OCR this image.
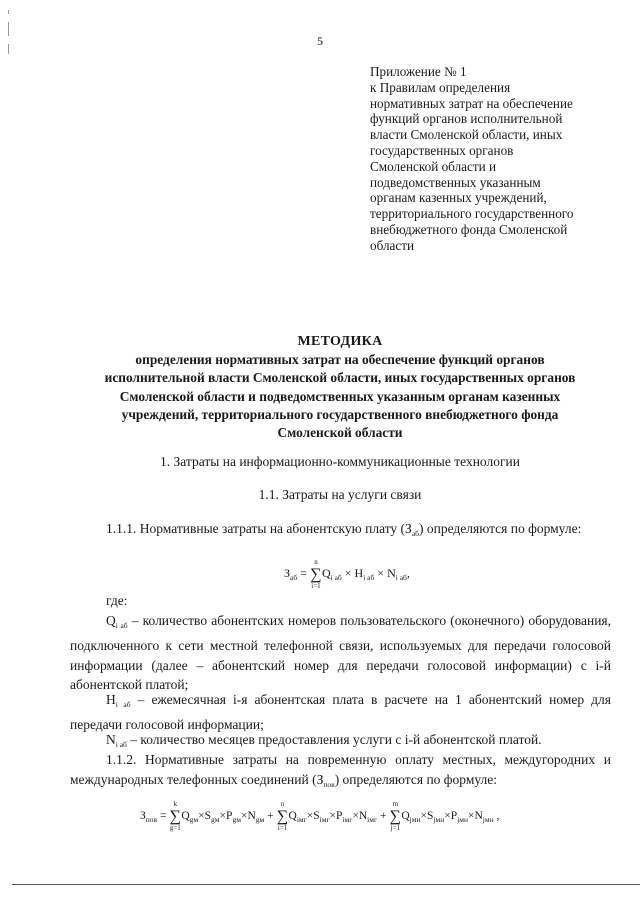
5
Приложение № 1
к Правилам определения
нормативных затрат на обеспечение
функций органов исполнительной
власти Смоленской области, иных
государственных органов
Смоленской области и
подведомственных указанным
органам казенных учреждений,
территориального государственного
внебюджетного фонда Смоленской
области
МЕТОДИКА
определения нормативных затрат на обеспечение функций органов
исполнительной власти Смоленской области, иных государственных органов
Смоленской области и подведомственных указанным органам казенных
учреждений, территориального государственного внебюджетного фонда
Смоленской области
1. Затраты на информационно-коммуникационные технологии
1.1. Затраты на услуги связи
1.1.1. Нормативные затраты на абонентскую плату $(З_{аб})$ определяются по формуле:
$З_{аб}$ =
n
∑
i=1
$Q_{i аб} \times H_{i аб} \times N_{i аб}$,
где:
$Q_{i аб}$ – количество абонентских номеров пользовательского (оконечного) оборудования, подключенного к сети местной телефонной связи, используемых для передачи голосовой информации (далее – абонентский номер для передачи голосовой информации) с i-й абонентской платой;
$H_{i аб}$ – ежемесячная i-я абонентская плата в расчете на 1 абонентский номер для передачи голосовой информации;
$N_{i аб}$ – количество месяцев предоставления услуги с i-й абонентской платой.
1.1.2. Нормативные затраты на повременную оплату местных, междугородних и международных телефонных соединений $(З_{пов})$ определяются по формуле:
$З_{пов}$ =
k
∑
g=1
$Q_{gм}\times S_{gм}\times P_{gм}\times N_{gм}$ +
n
∑
i=1
$Q_{iмг}\times S_{iмг}\times P_{iмг}\times N_{iмг}$ +
m
∑
j=1
$Q_{jмн}\times S_{jмн}\times P_{jмн}\times N_{jмн}$ ,
